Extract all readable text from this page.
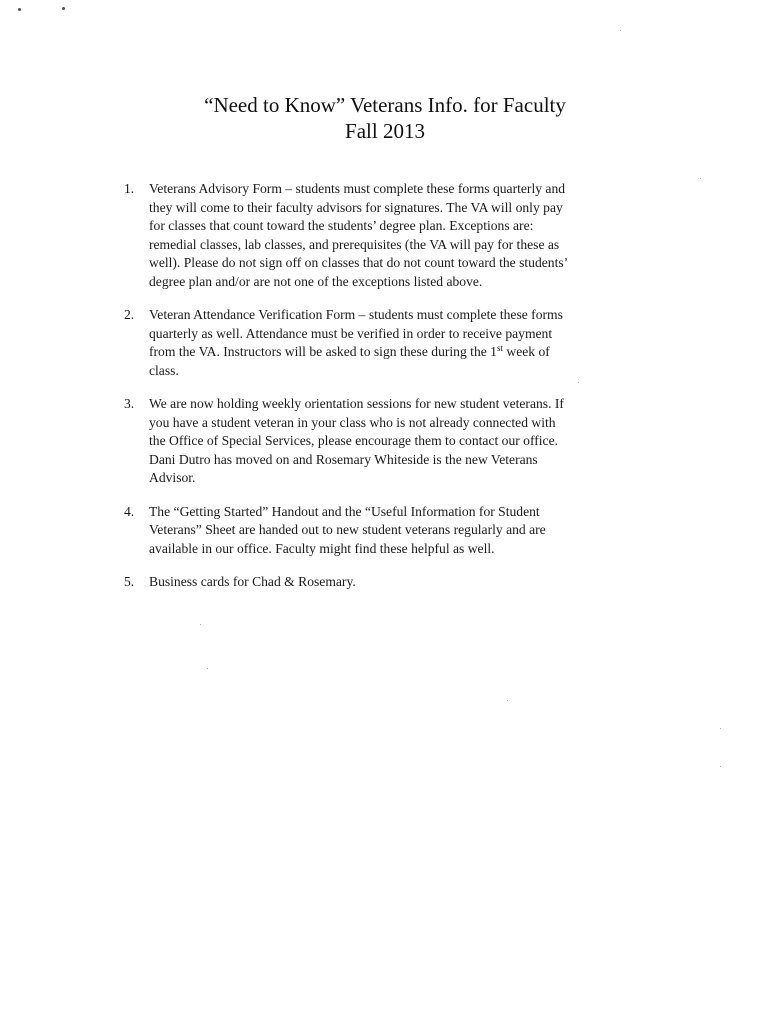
“Need to Know” Veterans Info. for Faculty
Fall 2013
1. Veterans Advisory Form – students must complete these forms quarterly and
they will come to their faculty advisors for signatures. The VA will only pay
for classes that count toward the students’ degree plan. Exceptions are:
remedial classes, lab classes, and prerequisites (the VA will pay for these as
well). Please do not sign off on classes that do not count toward the students’
degree plan and/or are not one of the exceptions listed above.
2. Veteran Attendance Verification Form – students must complete these forms
quarterly as well. Attendance must be verified in order to receive payment
from the VA. Instructors will be asked to sign these during the 1st week of
class.
3. We are now holding weekly orientation sessions for new student veterans. If
you have a student veteran in your class who is not already connected with
the Office of Special Services, please encourage them to contact our office.
Dani Dutro has moved on and Rosemary Whiteside is the new Veterans
Advisor.
4. The “Getting Started” Handout and the “Useful Information for Student
Veterans” Sheet are handed out to new student veterans regularly and are
available in our office. Faculty might find these helpful as well.
5. Business cards for Chad & Rosemary.
